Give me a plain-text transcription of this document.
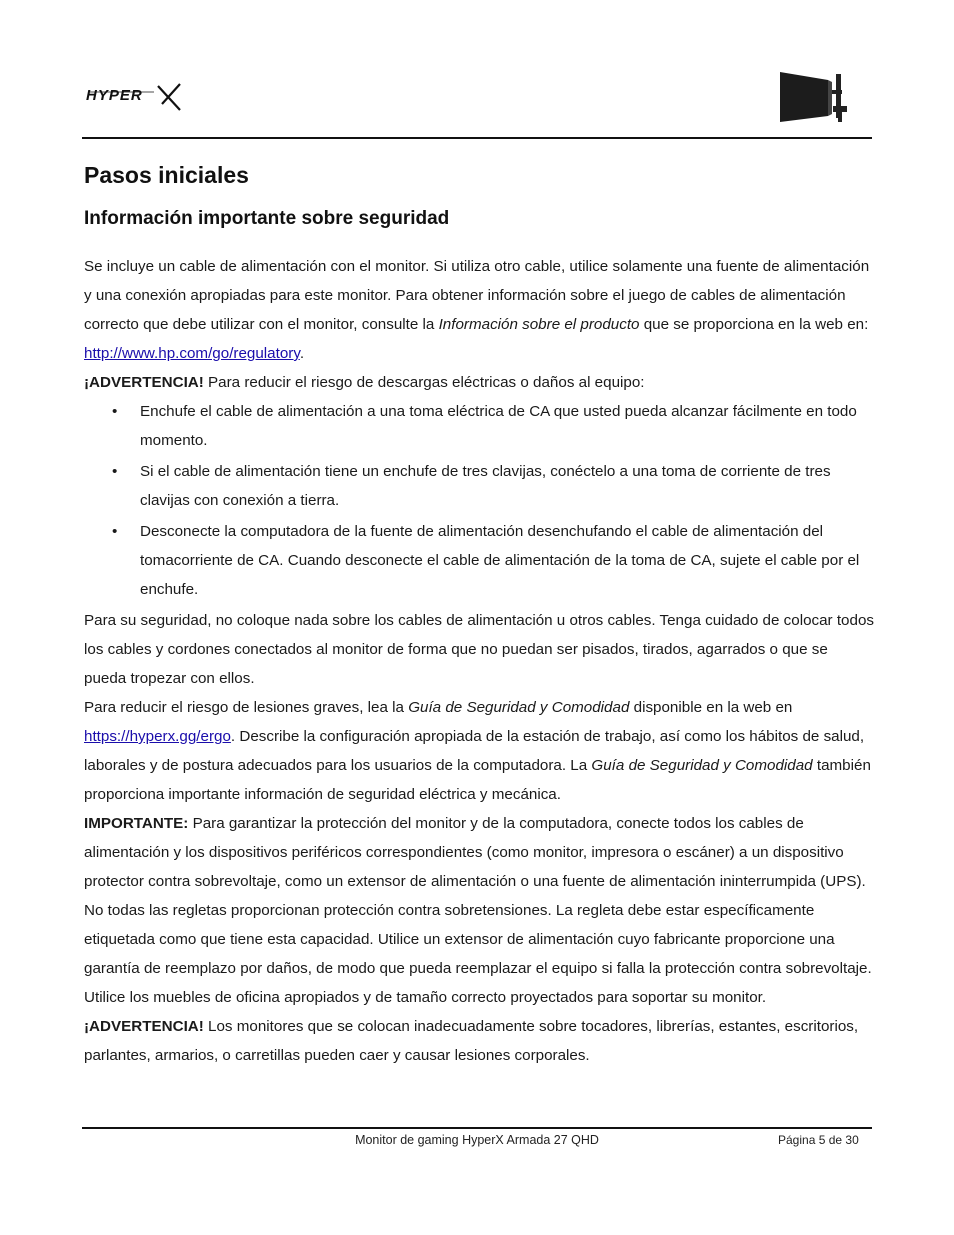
HYPER
Pasos iniciales
Información importante sobre seguridad

Se incluye un cable de alimentación con el monitor. Si utiliza otro cable, utilice solamente una fuente de alimentación y una conexión apropiadas para este monitor. Para obtener información sobre el juego de cables de alimentación correcto que debe utilizar con el monitor, consulte la Información sobre el producto que se proporciona en la web en: http://www.hp.com/go/regulatory.

¡ADVERTENCIA! Para reducir el riesgo de descargas eléctricas o daños al equipo:

• Enchufe el cable de alimentación a una toma eléctrica de CA que usted pueda alcanzar fácilmente en todo momento.
• Si el cable de alimentación tiene un enchufe de tres clavijas, conéctelo a una toma de corriente de tres clavijas con conexión a tierra.
• Desconecte la computadora de la fuente de alimentación desenchufando el cable de alimentación del tomacorriente de CA. Cuando desconecte el cable de alimentación de la toma de CA, sujete el cable por el enchufe.

Para su seguridad, no coloque nada sobre los cables de alimentación u otros cables. Tenga cuidado de colocar todos los cables y cordones conectados al monitor de forma que no puedan ser pisados, tirados, agarrados o que se pueda tropezar con ellos.

Para reducir el riesgo de lesiones graves, lea la Guía de Seguridad y Comodidad disponible en la web en https://hyperx.gg/ergo. Describe la configuración apropiada de la estación de trabajo, así como los hábitos de salud, laborales y de postura adecuados para los usuarios de la computadora. La Guía de Seguridad y Comodidad también proporciona importante información de seguridad eléctrica y mecánica.

IMPORTANTE: Para garantizar la protección del monitor y de la computadora, conecte todos los cables de alimentación y los dispositivos periféricos correspondientes (como monitor, impresora o escáner) a un dispositivo protector contra sobrevoltaje, como un extensor de alimentación o una fuente de alimentación ininterrumpida (UPS). No todas las regletas proporcionan protección contra sobretensiones. La regleta debe estar específicamente etiquetada como que tiene esta capacidad. Utilice un extensor de alimentación cuyo fabricante proporcione una garantía de reemplazo por daños, de modo que pueda reemplazar el equipo si falla la protección contra sobrevoltaje.

Utilice los muebles de oficina apropiados y de tamaño correcto proyectados para soportar su monitor.

¡ADVERTENCIA! Los monitores que se colocan inadecuadamente sobre tocadores, librerías, estantes, escritorios, parlantes, armarios, o carretillas pueden caer y causar lesiones corporales.

Monitor de gaming HyperX Armada 27 QHD	Página 5 de 30
